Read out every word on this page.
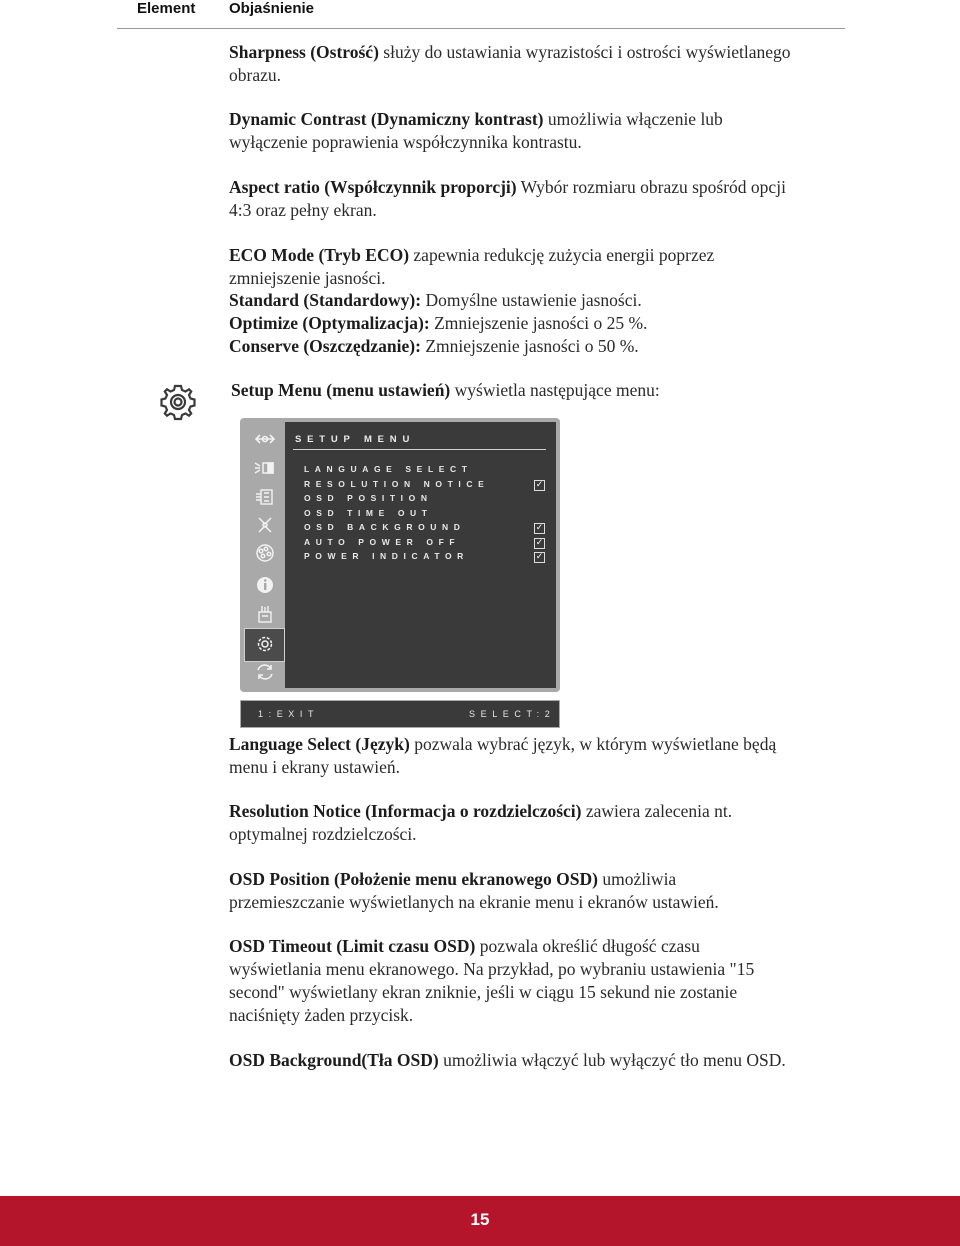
Element Objaśnienie
Sharpness (Ostrość) służy do ustawiania wyrazistości i ostrości wyświetlanego
obrazu.
Dynamic Contrast (Dynamiczny kontrast) umożliwia włączenie lub
wyłączenie poprawienia współczynnika kontrastu.
Aspect ratio (Współczynnik proporcji) Wybór rozmiaru obrazu spośród opcji
4:3 oraz pełny ekran.
ECO Mode (Tryb ECO) zapewnia redukcję zużycia energii poprzez
zmniejszenie jasności.
Standard (Standardowy): Domyślne ustawienie jasności.
Optimize (Optymalizacja): Zmniejszenie jasności o 25 %.
Conserve (Oszczędzanie): Zmniejszenie jasności o 50 %.
Setup Menu (menu ustawień) wyświetla następujące menu:
Language Select (Język) pozwala wybrać język, w którym wyświetlane będą
menu i ekrany ustawień.
Resolution Notice (Informacja o rozdzielczości) zawiera zalecenia nt.
optymalnej rozdzielczości.
OSD Position (Położenie menu ekranowego OSD) umożliwia
przemieszczanie wyświetlanych na ekranie menu i ekranów ustawień.
OSD Timeout (Limit czasu OSD) pozwala określić długość czasu
wyświetlania menu ekranowego. Na przykład, po wybraniu ustawienia "15
second" wyświetlany ekran zniknie, jeśli w ciągu 15 sekund nie zostanie
naciśnięty żaden przycisk.
OSD Background(Tła OSD) umożliwia włączyć lub wyłączyć tło menu OSD.
SETUP MENU
LANGUAGE SELECT
RESOLUTION NOTICE	✓
OSD POSITION
OSD TIME OUT
OSD BACKGROUND	✓
AUTO POWER OFF	✓
POWER INDICATOR	✓
1:EXIT	SELECT:2
15
